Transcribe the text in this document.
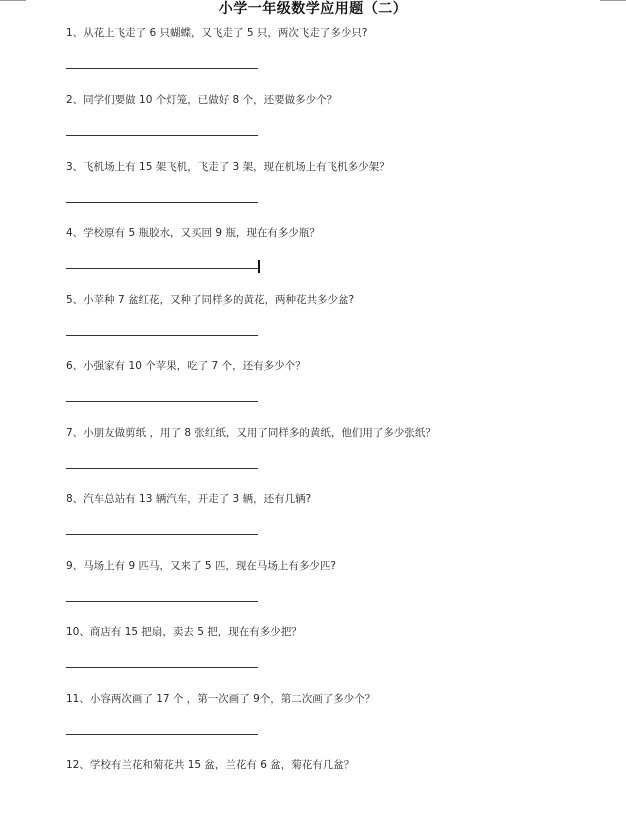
小学一年级数学应用题（二）
1、从花上飞走了 6 只蝴蝶，又飞走了 5 只，两次飞走了多少只?
2、同学们要做 10 个灯笼，已做好 8 个，还要做多少个？
3、飞机场上有 15 架飞机，飞走了 3 架，现在机场上有飞机多少架？
4、学校原有 5 瓶胶水，又买回 9 瓶，现在有多少瓶？
5、小苹种 7 盆红花，又种了同样多的黄花，两种花共多少盆?
6、小强家有 10 个苹果，吃了 7 个，还有多少个？
7、小朋友做剪纸 ，用了 8 张红纸，又用了同样多的黄纸，他们用了多少张纸？
8、汽车总站有 13 辆汽车，开走了 3 辆，还有几辆?
9、马场上有 9 匹马，又来了 5 匹，现在马场上有多少匹?
10、商店有 15 把扇，卖去 5 把，现在有多少把？
11、小容两次画了 17 个 ，第一次画了 9个，第二次画了多少个？
12、学校有兰花和菊花共 15 盆，兰花有 6 盆，菊花有几盆？
